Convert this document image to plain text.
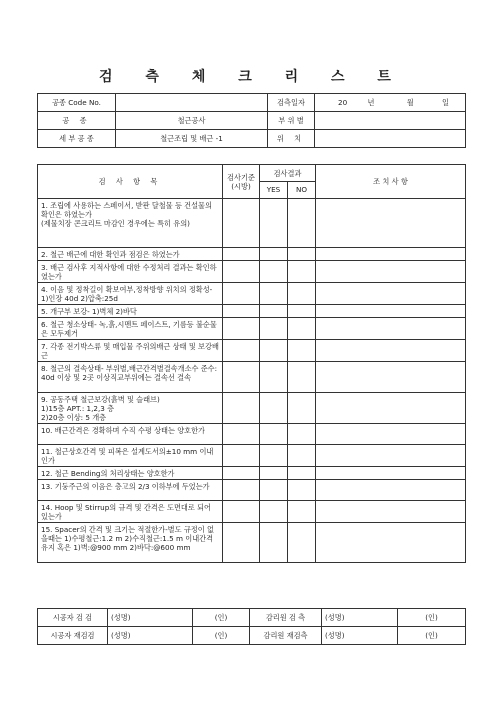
검 측 체 크 리 스 트
공종 Code No.		검측일자	20 년 월 일
공 종	철근공사	부 위 별	
세 부 공 종	철근조립 및 배근 -1	위 치	
검 사 항 목	검사기준
(시방)	
검사결과
YES	NO
	조 치 사 항
1. 조립에 사용하는 스페이서, 받판 달철물 등 건설물의 확인은 하였는가
(제물치장 콘크리트 마감인 경우에는 특히 유의)				
2. 철근 배근에 대한 확인과 점검은 하였는가				
3. 배근 검사후 지적사항에 대한 수정처리 결과는 확인하였는가				
4. 이음 및 정착길이 확보여부,정착방향 위치의 정확성- 1)인장 40d 2)압축:25d				
5. 개구부 보강- 1)벽체 2)바닥				
6. 철근 청소상태- 녹,흙,시멘트 페이스트, 기름등 불순물은 모두제거				
7. 각종 전기박스류 및 매입물 주위의배근 상태 및 보강배근				
8. 철근의 결속상태- 부위별,배근간격별결속개소수 준수: 40d 이상 및 2곳 이상직교부위에는 결속선 결속				
9. 공동주택 철근보강(흙벽 및 슬래브)
1)15층 APT.: 1,2,3 층
2)20층 이상: 5 개층				
10. 배근간격은 경확하며 수직 수평 상태는 양호한가				
11. 철근상호간격 및 피복은 설계도서의±10 mm 이내인가				
12. 철근 Bending의 처리상태는 양호한가				
13. 기둥주근의 이음은 층고의 2/3 이하부에 두었는가				
14. Hoop 및 Stirrup의 규격 및 간격은 도면대로 되어 있는가				
15. Spacer의 간격 및 크기는 적절한가-별도 규정이 없을때는 1)수평철근:1.2 m 2)수직철근:1.5 m 이내간격 유지 혹은 1)벽:@900 mm 2)바닥:@600 mm				
시공자 검 검	(성명)	(인)	감리원 검 측	(성명)	(인)
시공자 재검검	(성명)	(인)	감리원 재검측	(성명)	(인)
